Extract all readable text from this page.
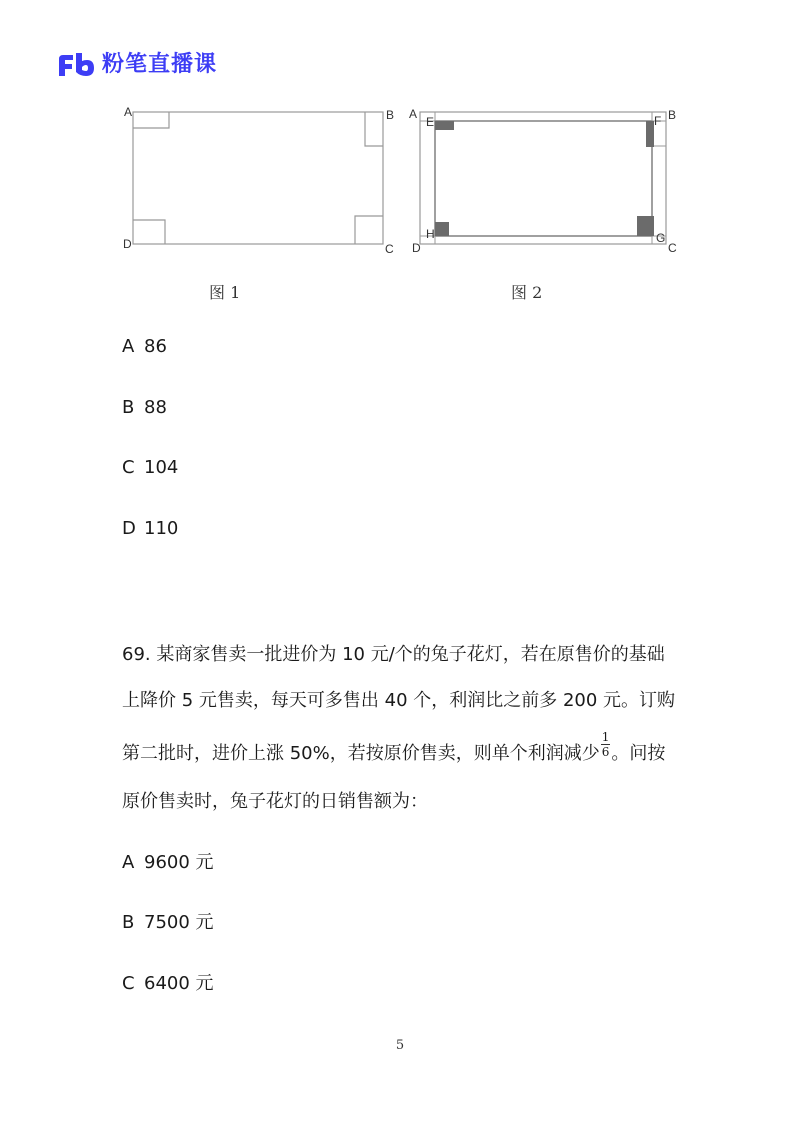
粉笔直播课
A	B
C
D
图 1
A	B
C
D
E	F
G
H
图 2
A 86
B 88
C 104
D 110
69. 某商家售卖一批进价为 10 元/个的兔子花灯，若在原售价的基础
上降价 5 元售卖，每天可多售出 40 个，利润比之前多 200 元。订购
第二批时，进价上涨 50%，若按原价售卖，则单个利润减少 $\frac{1}{6}$ 。问按
原价售卖时，兔子花灯的日销售额为：
A 9600 元
B 7500 元
C 6400 元
5
